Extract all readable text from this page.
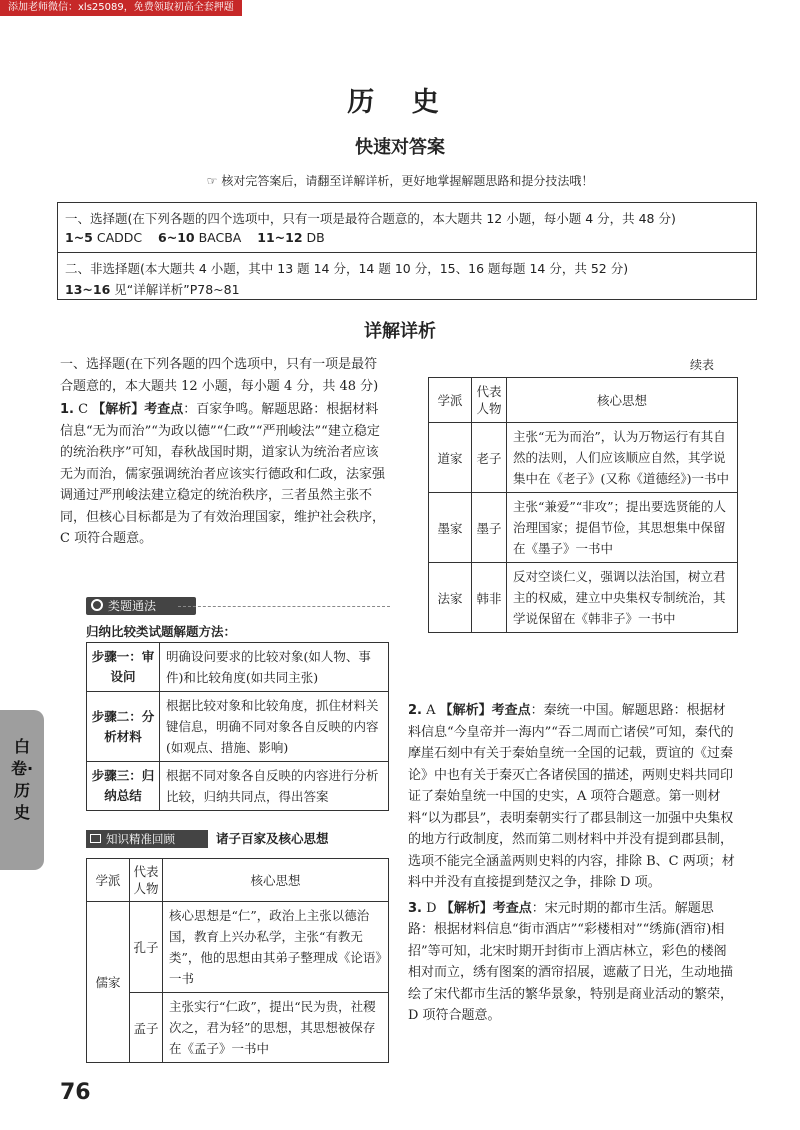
添加老师微信：xls25089，免费领取初高全套押题
历 史
快速对答案
☞ 核对完答案后，请翻至详解详析，更好地掌握解题思路和提分技法哦！
一、选择题(在下列各题的四个选项中，只有一项是最符合题意的，本大题共 12 小题，每小题 4 分，共 48 分)
1~5 CADDC 6~10 BACBA 11~12 DB
二、非选择题(本大题共 4 小题，其中 13 题 14 分，14 题 10 分，15、16 题每题 14 分，共 52 分)
13~16 见“详解详析”P78~81
详解详析

一、选择题(在下列各题的四个选项中，只有一项是最符合题意的，本大题共 12 小题，每小题 4 分，共 48 分)

1. C 【解析】考查点：百家争鸣。解题思路：根据材料信息“无为而治”“为政以德”“仁政”“严刑峻法”“建立稳定的统治秩序”可知，春秋战国时期，道家认为统治者应该无为而治，儒家强调统治者应该实行德政和仁政，法家强调通过严刑峻法建立稳定的统治秩序，三者虽然主张不同，但核心目标都是为了有效治理国家，维护社会秩序，C 项符合题意。

类题通法
归纳比较类试题解题方法：
步骤一：审设问	明确设问要求的比较对象(如人物、事件)和比较角度(如共同主张)
步骤二：分析材料	根据比较对象和比较角度，抓住材料关键信息，明确不同对象各自反映的内容(如观点、措施、影响)
步骤三：归纳总结	根据不同对象各自反映的内容进行分析比较，归纳共同点，得出答案
知识精准回顾	诸子百家及核心思想
学派	代表人物	核心思想
儒家	孔子	核心思想是“仁”，政治上主张以德治国，教育上兴办私学，主张“有教无类”，他的思想由其弟子整理成《论语》一书
	孟子	主张实行“仁政”，提出“民为贵，社稷次之，君为轻”的思想，其思想被保存在《孟子》一书中
续表
学派	代表人物	核心思想
道家	老子	主张“无为而治”，认为万物运行有其自然的法则，人们应该顺应自然，其学说集中在《老子》(又称《道德经》)一书中
墨家	墨子	主张“兼爱”“非攻”；提出要选贤能的人治理国家；提倡节俭，其思想集中保留在《墨子》一书中
法家	韩非	反对空谈仁义，强调以法治国，树立君主的权威，建立中央集权专制统治，其学说保留在《韩非子》一书中

2. A 【解析】考查点：秦统一中国。解题思路：根据材料信息“今皇帝并一海内”“吞二周而亡诸侯”可知，秦代的摩崖石刻中有关于秦始皇统一全国的记载，贾谊的《过秦论》中也有关于秦灭亡各诸侯国的描述，两则史料共同印证了秦始皇统一中国的史实，A 项符合题意。第一则材料“以为郡县”，表明秦朝实行了郡县制这一加强中央集权的地方行政制度，然而第二则材料中并没有提到郡县制，选项不能完全涵盖两则史料的内容，排除 B、C 两项；材料中并没有直接提到楚汉之争，排除 D 项。

3. D 【解析】考查点：宋元时期的都市生活。解题思路：根据材料信息“街市酒店”“彩楼相对”“绣旆(酒帘)相招”等可知，北宋时期开封街市上酒店林立，彩色的楼阁相对而立，绣有图案的酒帘招展，遮蔽了日光，生动地描绘了宋代都市生活的繁华景象，特别是商业活动的繁荣，D 项符合题意。

白卷·历史
76
